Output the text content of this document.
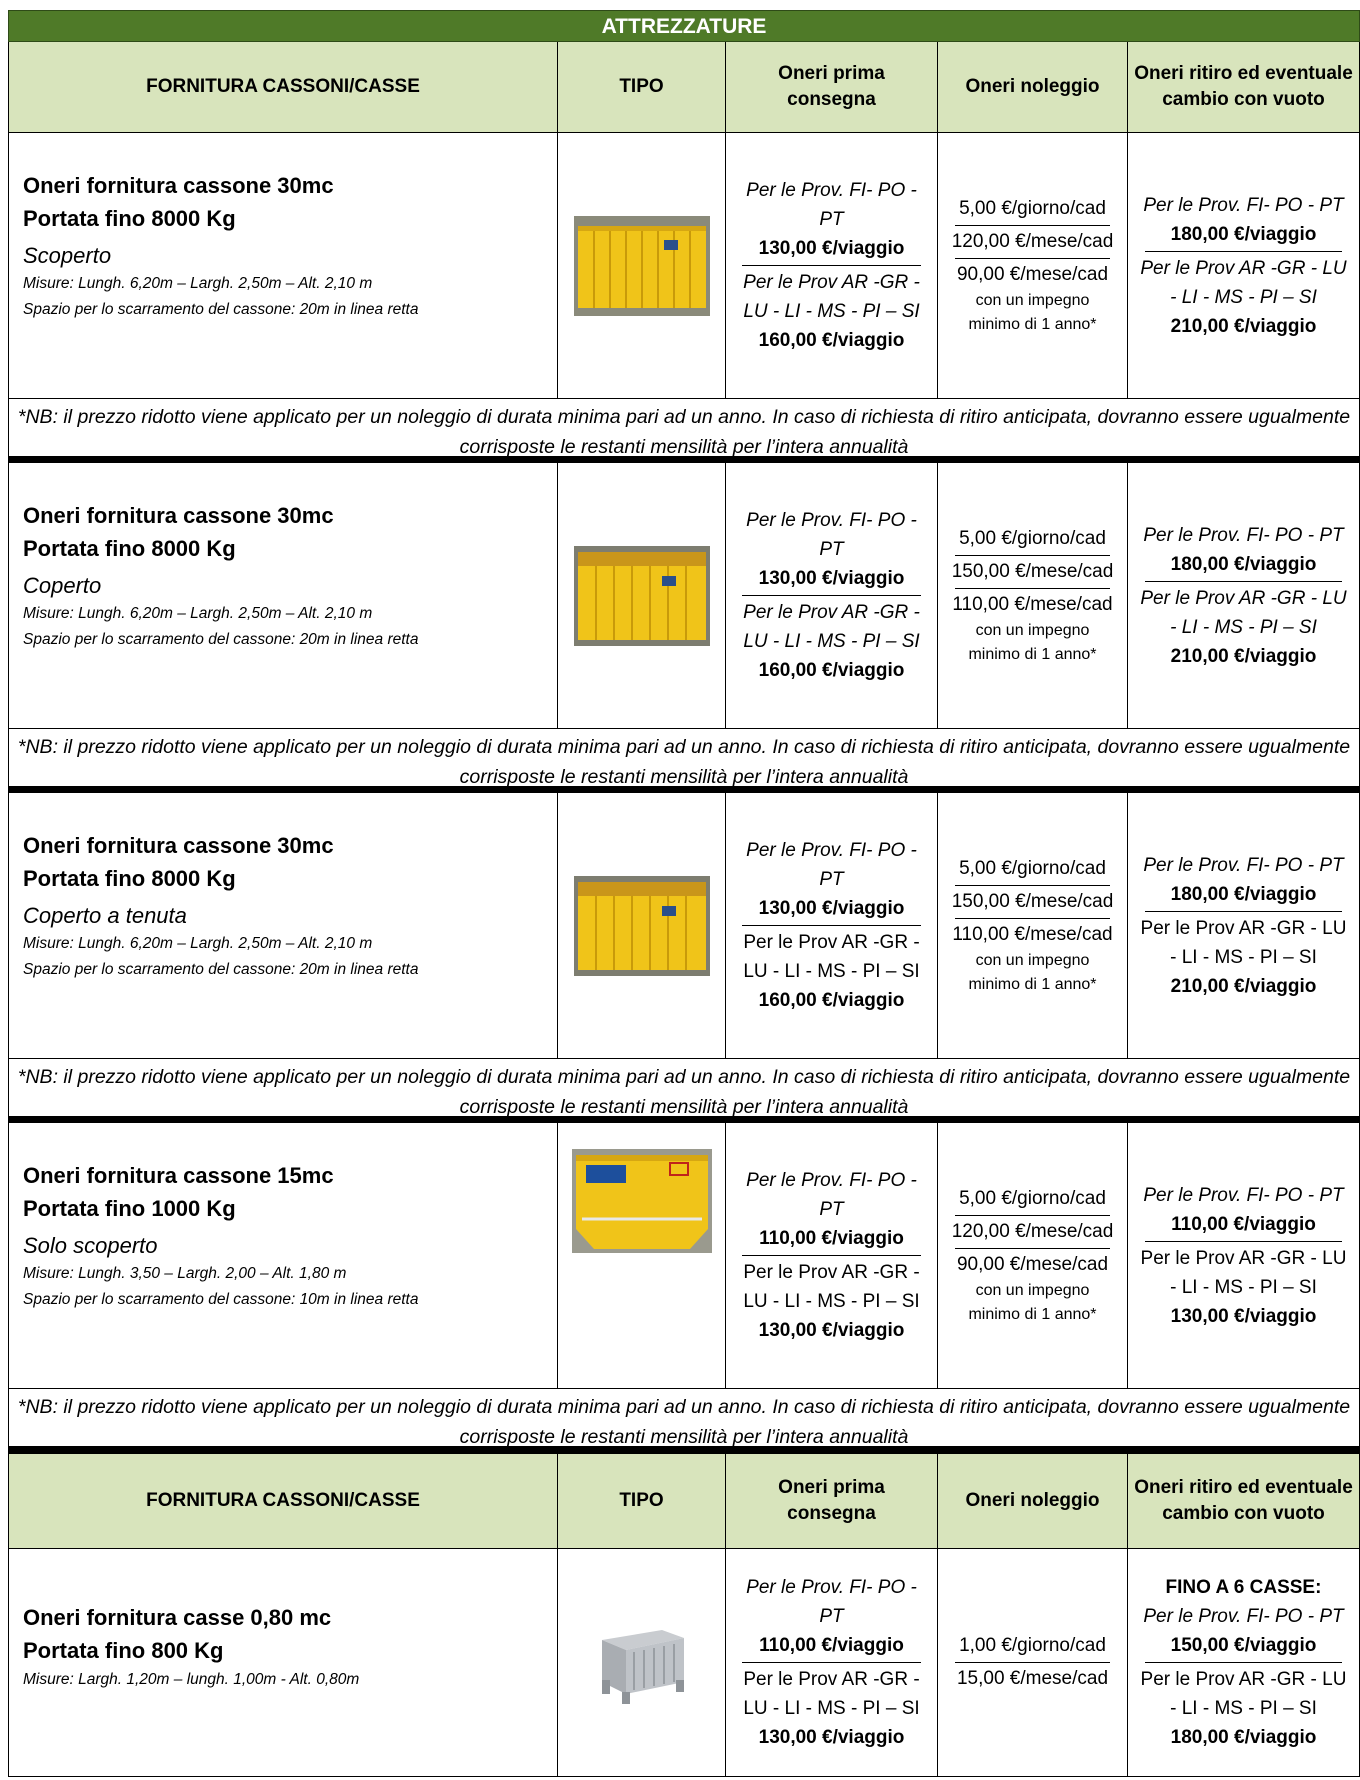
ATTREZZATURE
FORNITURA CASSONI/CASSE	TIPO
Oneri prima consegna
Oneri noleggio
Oneri ritiro ed eventuale cambio con vuoto
Oneri fornitura cassone 30mc
Portata fino 8000 Kg
Scoperto
Misure: Lungh. 6,20m – Largh. 2,50m – Alt. 2,10 m
Spazio per lo scarramento del cassone: 20m in linea retta
Per le Prov. FI- PO - PT
130,00 €/viaggio
Per le Prov AR -GR - LU - LI - MS - PI – SI
160,00 €/viaggio
5,00 €/giorno/cad
120,00 €/mese/cad
90,00 €/mese/cad
con un impegno minimo di 1 anno*
Per le Prov. FI- PO - PT
180,00 €/viaggio
Per le Prov AR -GR - LU - LI - MS - PI – SI
210,00 €/viaggio
*NB: il prezzo ridotto viene applicato per un noleggio di durata minima pari ad un anno. In caso di richiesta di ritiro anticipata, dovranno essere ugualmente corrisposte le restanti mensilità per l’intera annualità
Oneri fornitura cassone 30mc
Portata fino 8000 Kg
Coperto
Misure: Lungh. 6,20m – Largh. 2,50m – Alt. 2,10 m
Spazio per lo scarramento del cassone: 20m in linea retta
Per le Prov. FI- PO - PT
130,00 €/viaggio
Per le Prov AR -GR - LU - LI - MS - PI – SI
160,00 €/viaggio
5,00 €/giorno/cad
150,00 €/mese/cad
110,00 €/mese/cad
con un impegno minimo di 1 anno*
Per le Prov. FI- PO - PT
180,00 €/viaggio
Per le Prov AR -GR - LU - LI - MS - PI – SI
210,00 €/viaggio
*NB: il prezzo ridotto viene applicato per un noleggio di durata minima pari ad un anno. In caso di richiesta di ritiro anticipata, dovranno essere ugualmente corrisposte le restanti mensilità per l’intera annualità
Oneri fornitura cassone 30mc
Portata fino 8000 Kg
Coperto a tenuta
Misure: Lungh. 6,20m – Largh. 2,50m – Alt. 2,10 m
Spazio per lo scarramento del cassone: 20m in linea retta
Per le Prov. FI- PO - PT
130,00 €/viaggio
Per le Prov AR -GR - LU - LI - MS - PI – SI
160,00 €/viaggio
5,00 €/giorno/cad
150,00 €/mese/cad
110,00 €/mese/cad
con un impegno minimo di 1 anno*
Per le Prov. FI- PO - PT
180,00 €/viaggio
Per le Prov AR -GR - LU - LI - MS - PI – SI
210,00 €/viaggio
*NB: il prezzo ridotto viene applicato per un noleggio di durata minima pari ad un anno. In caso di richiesta di ritiro anticipata, dovranno essere ugualmente corrisposte le restanti mensilità per l’intera annualità
Oneri fornitura cassone 15mc
Portata fino 1000 Kg
Solo scoperto
Misure: Lungh. 3,50 – Largh. 2,00 – Alt. 1,80 m
Spazio per lo scarramento del cassone: 10m in linea retta
Per le Prov. FI- PO - PT
110,00 €/viaggio
Per le Prov AR -GR - LU - LI - MS - PI – SI
130,00 €/viaggio
5,00 €/giorno/cad
120,00 €/mese/cad
90,00 €/mese/cad
con un impegno minimo di 1 anno*
Per le Prov. FI- PO - PT
110,00 €/viaggio
Per le Prov AR -GR - LU - LI - MS - PI – SI
130,00 €/viaggio
*NB: il prezzo ridotto viene applicato per un noleggio di durata minima pari ad un anno. In caso di richiesta di ritiro anticipata, dovranno essere ugualmente corrisposte le restanti mensilità per l’intera annualità
FORNITURA CASSONI/CASSE	TIPO
Oneri prima consegna
Oneri noleggio
Oneri ritiro ed eventuale cambio con vuoto
Oneri fornitura casse 0,80 mc
Portata fino 800 Kg
Misure: Largh. 1,20m – lungh. 1,00m - Alt. 0,80m
Per le Prov. FI- PO - PT
110,00 €/viaggio
Per le Prov AR -GR - LU - LI - MS - PI – SI
130,00 €/viaggio
1,00 €/giorno/cad
15,00 €/mese/cad
FINO A 6 CASSE:
Per le Prov. FI- PO - PT
150,00 €/viaggio
Per le Prov AR -GR - LU - LI - MS - PI – SI
180,00 €/viaggio
